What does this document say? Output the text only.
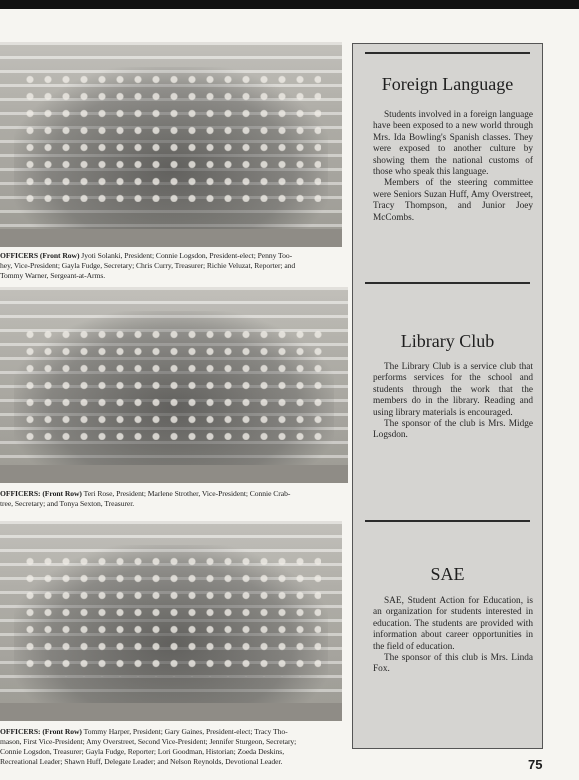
OFFICERS (Front Row) Jyoti Solanki, President; Connie Logsdon, President-elect; Penny Too-
hey, Vice-President; Gayla Fudge, Secretary; Chris Curry, Treasurer; Richie Veluzat, Reporter; and
Tommy Warner, Sergeant-at-Arms.
OFFICERS: (Front Row) Teri Rose, President; Marlene Strother, Vice-President; Connie Crab-
tree, Secretary; and Tonya Sexton, Treasurer.
OFFICERS: (Front Row) Tommy Harper, President; Gary Gaines, President-elect; Tracy Tho-
mason, First Vice-President; Amy Overstreet, Second Vice-President; Jennifer Sturgeon, Secretary;
Connie Logsdon, Treasurer; Gayla Fudge, Reporter; Lori Goodman, Historian; Zoeda Deskins,
Recreational Leader; Shawn Huff, Delegate Leader; and Nelson Reynolds, Devotional Leader.
Foreign Language

Students involved in a foreign language have been exposed to a new world through Mrs. Ida Bowling's Spanish classes. They were exposed to another culture by showing them the national customs of those who speak this language.

Members of the steering committee were Seniors Suzan Huff, Amy Overstreet, Tracy Thompson, and Junior Joey McCombs.

Library Club

The Library Club is a service club that performs services for the school and students through the work that the members do in the library. Reading and using library materials is encouraged.

The sponsor of the club is Mrs. Midge Logsdon.

SAE

SAE, Student Action for Education, is an organization for students interested in education. The students are provided with information about career opportunities in the field of education.

The sponsor of this club is Mrs. Linda Fox.

75
